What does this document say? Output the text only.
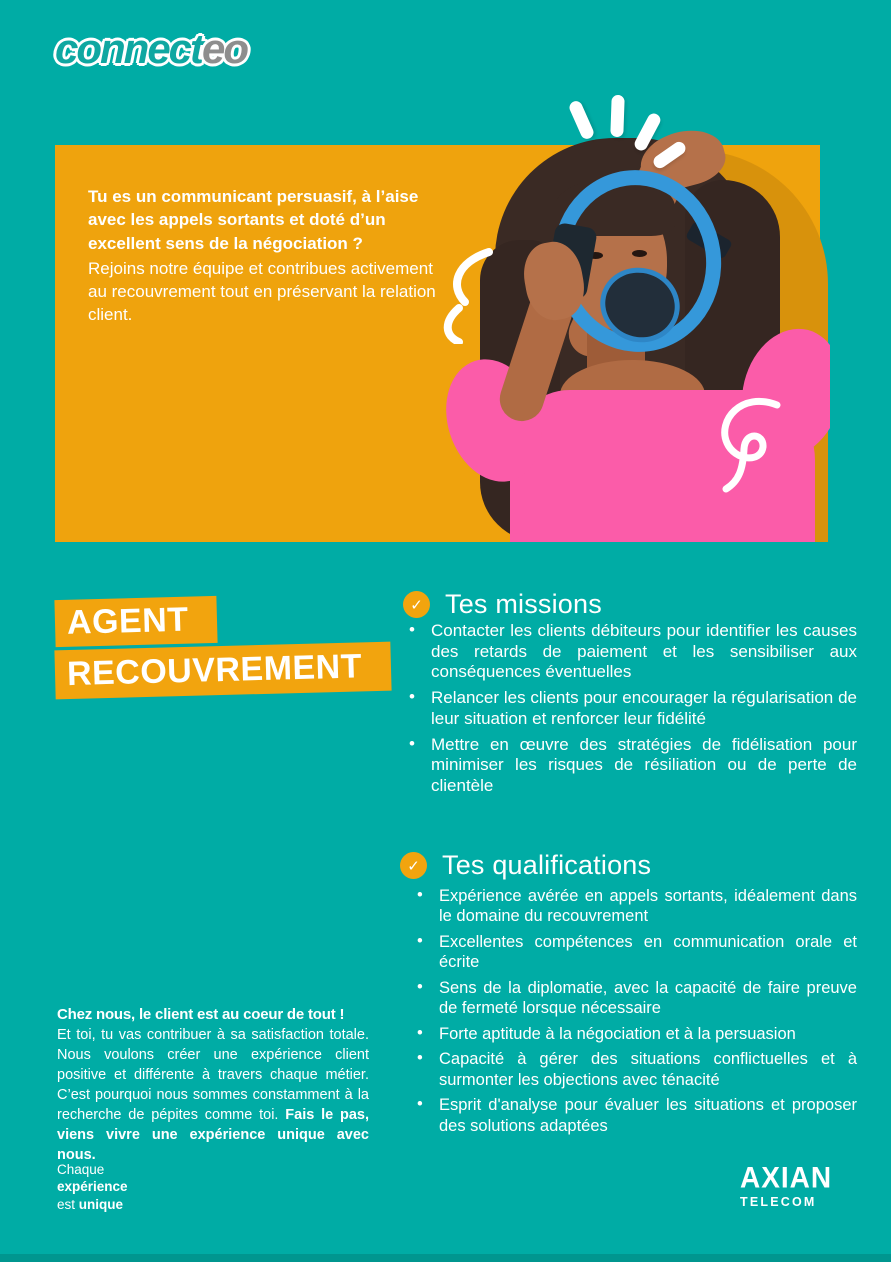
connecteo
Tu es un communicant persuasif, à l’aise avec les appels sortants et doté d’un excellent sens de la négociation ?
Rejoins notre équipe et contribues activement au recouvrement tout en préservant la relation client.
AGENT
RECOUVREMENT
✓ Tes missions
• Contacter les clients débiteurs pour identifier les causes des retards de paiement et les sensibiliser aux conséquences éventuelles
• Relancer les clients pour encourager la régularisation de leur situation et renforcer leur fidélité
• Mettre en œuvre des stratégies de fidélisation pour minimiser les risques de résiliation ou de perte de clientèle
✓ Tes qualifications
• Expérience avérée en appels sortants, idéalement dans le domaine du recouvrement
• Excellentes compétences en communication orale et écrite
• Sens de la diplomatie, avec la capacité de faire preuve de fermeté lorsque nécessaire
• Forte aptitude à la négociation et à la persuasion
• Capacité à gérer des situations conflictuelles et à surmonter les objections avec ténacité
• Esprit d'analyse pour évaluer les situations et proposer des solutions adaptées

Chez nous, le client est au coeur de tout !
Et toi, tu vas contribuer à sa satisfaction totale. Nous voulons créer une expérience client positive et différente à travers chaque métier. C’est pourquoi nous sommes constamment à la recherche de pépites comme toi. Fais le pas, viens vivre une expérience unique avec nous.

Chaque
expérience
est unique
AXIAN
TELECOM
